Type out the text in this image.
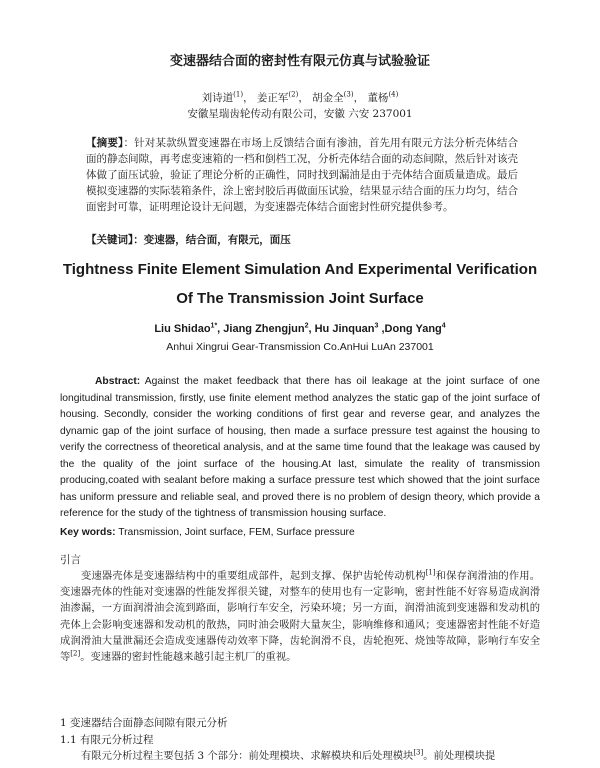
变速器结合面的密封性有限元仿真与试验验证
刘诗道$^{(1)}$， 姜正军$^{(2)}$， 胡金全$^{(3)}$， 董杨$^{(4)}$
安徽星瑞齿轮传动有限公司，安徽 六安 237001
【摘要】：针对某款纵置变速器在市场上反馈结合面有渗油，首先用有限元方法分析壳体结合面的静态间隙，再考虑变速箱的一档和倒档工况，分析壳体结合面的动态间隙，然后针对该壳体做了面压试验，验证了理论分析的正确性，同时找到漏油是由于壳体结合面质量造成。最后模拟变速器的实际装箱条件，涂上密封胶后再做面压试验，结果显示结合面的压力均匀，结合面密封可靠，证明理论设计无问题，为变速器壳体结合面密封性研究提供参考。
【关键词】：变速器，结合面，有限元，面压
Tightness Finite Element Simulation And Experimental Verification
Of The Transmission Joint Surface
Liu Shidao$^{1*}$, Jiang Zhengjun$^2$, Hu Jinquan$^3$ ,Dong Yang$^4$
Anhui Xingrui Gear-Transmission Co.AnHui LuAn 237001
Abstract: Against the maket feedback that there has oil leakage at the joint surface of one longitudinal transmission, firstly, use finite element method analyzes the static gap of the joint surface of housing. Secondly, consider the working conditions of first gear and reverse gear, and analyzes the dynamic gap of the joint surface of housing, then made a surface pressure test against the housing to verify the correctness of theoretical analysis, and at the same time found that the leakage was caused by the the quality of the joint surface of the housing.At last, simulate the reality of transmission producing,coated with sealant before making a surface pressure test which showed that the joint surface has uniform pressure and reliable seal, and proved there is no problem of design theory, which provide a reference for the study of the tightness of transmission housing surface.
Key words: Transmission, Joint surface, FEM, Surface pressure
引言
变速器壳体是变速器结构中的重要组成部件，起到支撑、保护齿轮传动机构[1]和保存润滑油的作用。变速器壳体的性能对变速器的性能发挥很关键，对整车的使用也有一定影响，密封性能不好容易造成润滑油渗漏，一方面润滑油会流到路面，影响行车安全，污染环境；另一方面，润滑油流到变速器和发动机的壳体上会影响变速器和发动机的散热，同时油会吸附大量灰尘，影响维修和通风；变速器密封性能不好造成润滑油大量泄漏还会造成变速器传动效率下降，齿轮润滑不良，齿轮抱死、烧蚀等故障，影响行车安全等[2]。变速器的密封性能越来越引起主机厂的重视。
1 变速器结合面静态间隙有限元分析
1.1 有限元分析过程
有限元分析过程主要包括 3 个部分：前处理模块、求解模块和后处理模块[3]。前处理模块提
